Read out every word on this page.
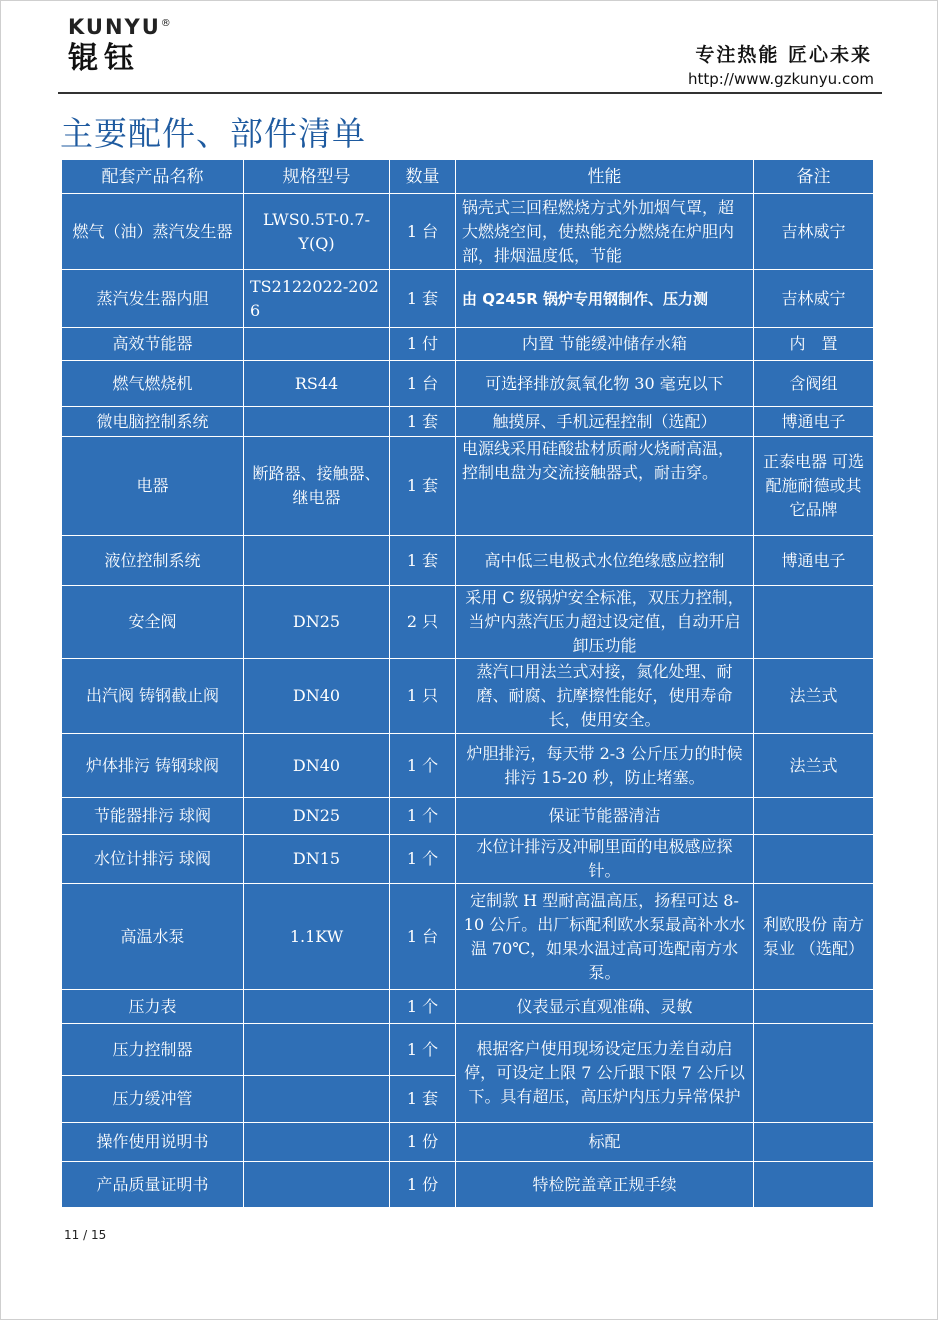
KUNYU®
锟钰	专注热能 匠心未来
http://www.gzkunyu.com
主要配件、部件清单
配套产品名称	规格型号	数量	性能	备注
燃气（油）蒸汽发生器	LWS0.5T-0.7-Y(Q)	1 台	锅壳式三回程燃烧方式外加烟气罩，超大燃烧空间，使热能充分燃烧在炉胆内部，排烟温度低，节能	吉林威宁
蒸汽发生器内胆	TS2122022-2026	1 套	由 Q245R 锅炉专用钢制作、压力测	吉林威宁
高效节能器		1 付	内置 节能缓冲储存水箱	内　置
燃气燃烧机	RS44	1 台	可选择排放氮氧化物 30 毫克以下	含阀组
微电脑控制系统		1 套	触摸屏、手机远程控制（选配）	博通电子
电器	断路器、接触器、继电器	1 套	电源线采用硅酸盐材质耐火烧耐高温，控制电盘为交流接触器式，耐击穿。	正泰电器 可选配施耐德或其它品牌
液位控制系统		1 套	高中低三电极式水位绝缘感应控制	博通电子
安全阀	DN25	2 只	采用 C 级锅炉安全标准，双压力控制，当炉内蒸汽压力超过设定值，自动开启卸压功能	
出汽阀 铸钢截止阀	DN40	1 只	蒸汽口用法兰式对接，氮化处理、耐磨、耐腐、抗摩擦性能好，使用寿命长，使用安全。	法兰式
炉体排污 铸钢球阀	DN40	1 个	炉胆排污，每天带 2-3 公斤压力的时候排污 15-20 秒，防止堵塞。	法兰式
节能器排污 球阀	DN25	1 个	保证节能器清洁	
水位计排污 球阀	DN15	1 个	水位计排污及冲刷里面的电极感应探针。	
高温水泵	1.1KW	1 台	定制款 H 型耐高温高压，扬程可达 8-10 公斤。出厂标配利欧水泵最高补水水温 70℃，如果水温过高可选配南方水泵。	利欧股份 南方泵业 （选配）
压力表		1 个	仪表显示直观准确、灵敏	
压力控制器		1 个	根据客户使用现场设定压力差自动启停，可设定上限 7 公斤跟下限 7 公斤以下。具有超压，高压炉内压力异常保护	
压力缓冲管		1 套		
操作使用说明书		1 份	标配	
产品质量证明书		1 份	特检院盖章正规手续	
11 / 15
